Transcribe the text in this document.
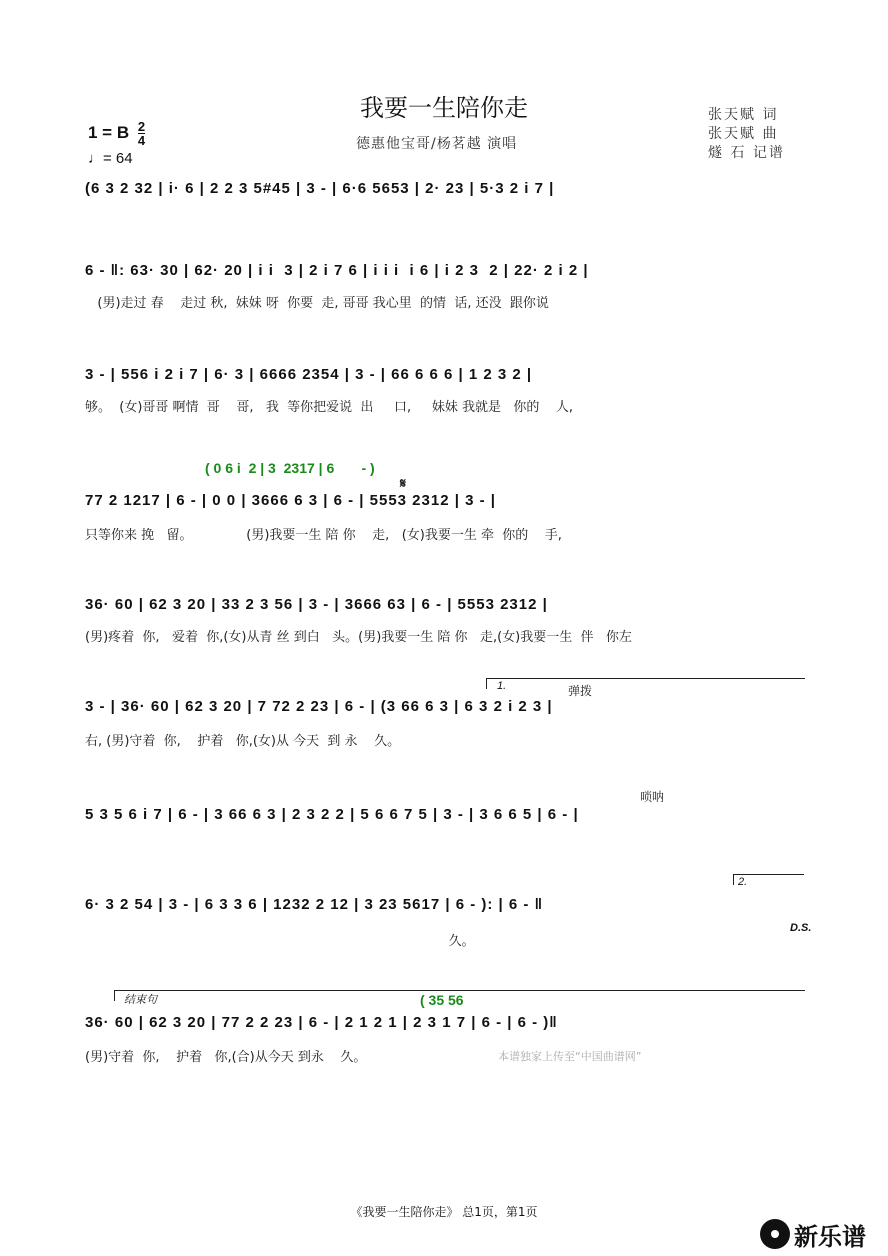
我要一生陪你走
1 = B $\frac{2}{4}$
♩= 64
德惠他宝哥/杨茗越 演唱
张天赋 词
张天赋 曲
燧 石 记谱
(6 3 2 32 | i· 6 | 2 2 3 5#45 | 3 - | 6·6 5653 | 2· 23 | 5·3 2 i 7 |
6 - ‖: 63· 30 | 62· 20 | i i  3 | 2 i 7 6 | i i i  i 6 | i 2 3  2 | 22· 2 i 2 |
(男)走过 春    走过 秋,  妹妹 呀  你要  走, 哥哥 我心里  的情  话, 还没  跟你说
3 - | 556 i 2 i 7 | 6· 3 | 6666 2354 | 3 - | 66 6 6 6 | 1 2 3 2 |
够。  (女)哥哥 啊情  哥    哥,   我  等你把爱说  出     口,     妹妹 我就是   你的    人,
( 0 6 i  2 | 3  2317 | 6       - )
𝄋
77 2 1217 | 6 - | 0 0 | 3666 6 3 | 6 - | 5553 2312 | 3 - |
只等你来 挽   留。             (男)我要一生 陪 你    走,   (女)我要一生 牵  你的    手,
36· 60 | 62 3 20 | 33 2 3 56 | 3 - | 3666 63 | 6 - | 5553 2312 |
(男)疼着  你,   爱着  你,(女)从青 丝 到白   头。(男)我要一生 陪 你   走,(女)我要一生  伴   你左
1.	弹拨
3 - | 36· 60 | 62 3 20 | 7 72 2 23 | 6 - | (3 66 6 3 | 6 3 2 i 2 3 |
右, (男)守着  你,    护着   你,(女)从 今天  到 永    久。
唢呐
5 3 5 6 i 7 | 6 - | 3 66 6 3 | 2 3 2 2 | 5 6 6 7 5 | 3 - | 3 6 6 5 | 6 - |
2.
6· 3 2 54 | 3 - | 6 3 3 6 | 1232 2 12 | 3 23 5617 | 6 - ): | 6 - ‖
久。
D.S.
结束句	( 35 56
36· 60 | 62 3 20 | 77 2 2 23 | 6 - | 2 1 2 1 | 2 3 1 7 | 6 - | 6 - )‖
(男)守着  你,    护着   你,(合)从今天 到永    久。	本谱独家上传至“中国曲谱网”
《我要一生陪你走》 总1页，第1页
新乐谱
